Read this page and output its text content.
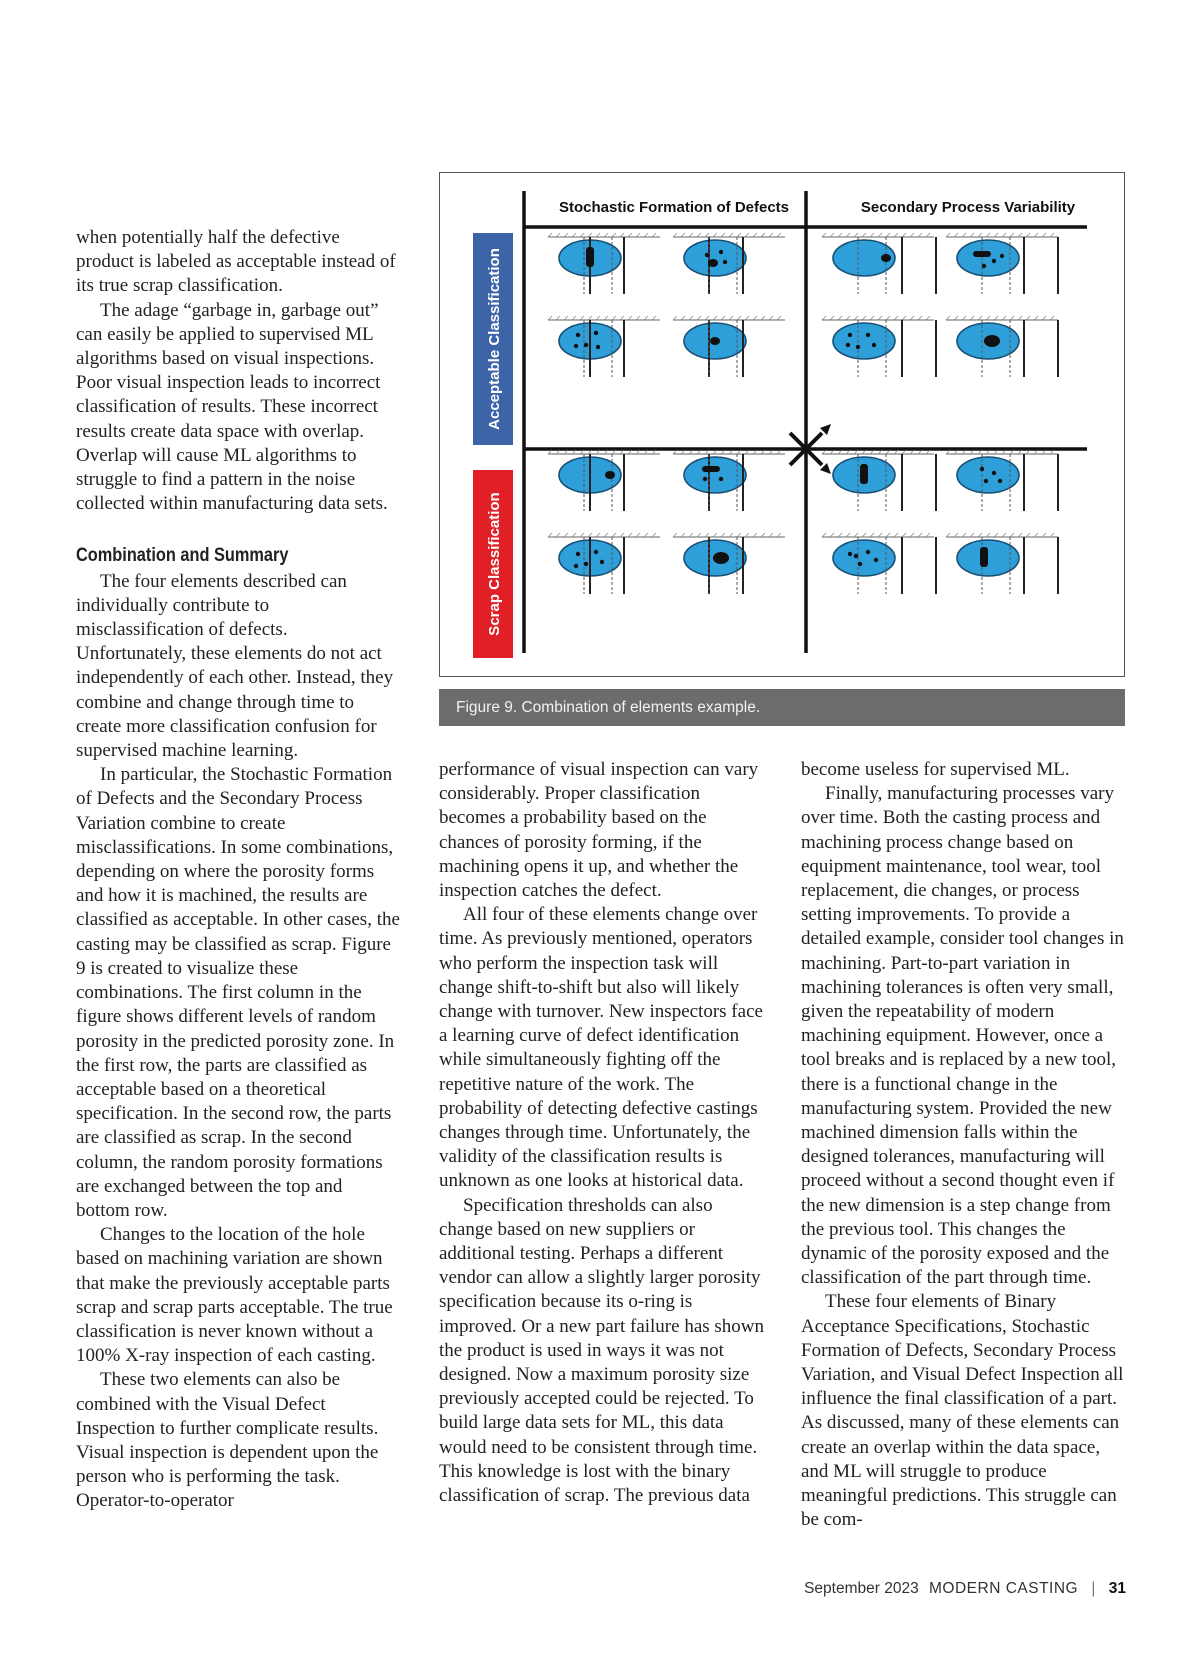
when potentially half the defective product is labeled as acceptable instead of its true scrap classification.

The adage “garbage in, garbage out” can easily be applied to supervised ML algorithms based on visual inspections. Poor visual inspection leads to incorrect classification of results. These incorrect results create data space with overlap. Overlap will cause ML algorithms to struggle to find a pattern in the noise collected within manufacturing data sets.

Combination and Summary

The four elements described can individually contribute to misclassification of defects. Unfortunately, these elements do not act independently of each other. Instead, they combine and change through time to create more classification confusion for supervised machine learning.

In particular, the Stochastic Formation of Defects and the Secondary Process Variation combine to create misclassifications. In some combinations, depending on where the porosity forms and how it is machined, the results are classified as acceptable. In other cases, the casting may be classified as scrap. Figure 9 is created to visualize these combinations. The first column in the figure shows different levels of random porosity in the predicted porosity zone. In the first row, the parts are classified as acceptable based on a theoretical specification. In the second row, the parts are classified as scrap. In the second column, the random porosity formations are exchanged between the top and bottom row.

Changes to the location of the hole based on machining variation are shown that make the previously acceptable parts scrap and scrap parts acceptable. The true classification is never known without a 100% X-ray inspection of each casting.

These two elements can also be combined with the Visual Defect Inspection to further complicate results. Visual inspection is dependent upon the person who is performing the task. Operator-to-operator

performance of visual inspection can vary considerably. Proper classification becomes a probability based on the chances of porosity forming, if the machining opens it up, and whether the inspection catches the defect.

All four of these elements change over time. As previously mentioned, operators who perform the inspection task will change shift-to-shift but also will likely change with turnover. New inspectors face a learning curve of defect identification while simultaneously fighting off the repetitive nature of the work. The probability of detecting defective castings changes through time. Unfortunately, the validity of the classification results is unknown as one looks at historical data.

Specification thresholds can also change based on new suppliers or additional testing. Perhaps a different vendor can allow a slightly larger porosity specification because its o-ring is improved. Or a new part failure has shown the product is used in ways it was not designed. Now a maximum porosity size previously accepted could be rejected. To build large data sets for ML, this data would need to be consistent through time. This knowledge is lost with the binary classification of scrap. The previous data

become useless for supervised ML.

Finally, manufacturing processes vary over time. Both the casting process and machining process change based on equipment maintenance, tool wear, tool replacement, die changes, or process setting improvements. To provide a detailed example, consider tool changes in machining. Part-to-part variation in machining tolerances is often very small, given the repeatability of modern machining equipment. However, once a tool breaks and is replaced by a new tool, there is a functional change in the manufacturing system. Provided the new machined dimension falls within the designed tolerances, manufacturing will proceed without a second thought even if the new dimension is a step change from the previous tool. This changes the dynamic of the porosity exposed and the classification of the part through time.

These four elements of Binary Acceptance Specifications, Stochastic Formation of Defects, Secondary Process Variation, and Visual Defect Inspection all influence the final classification of a part. As discussed, many of these elements can create an overlap within the data space, and ML will struggle to produce meaningful predictions. This struggle can be com-

Stochastic Formation of Defects	Secondary Process Variability
Acceptable Classification
Scrap Classification
Figure 9. Combination of elements example.
September 2023 MODERN CASTING | 31
